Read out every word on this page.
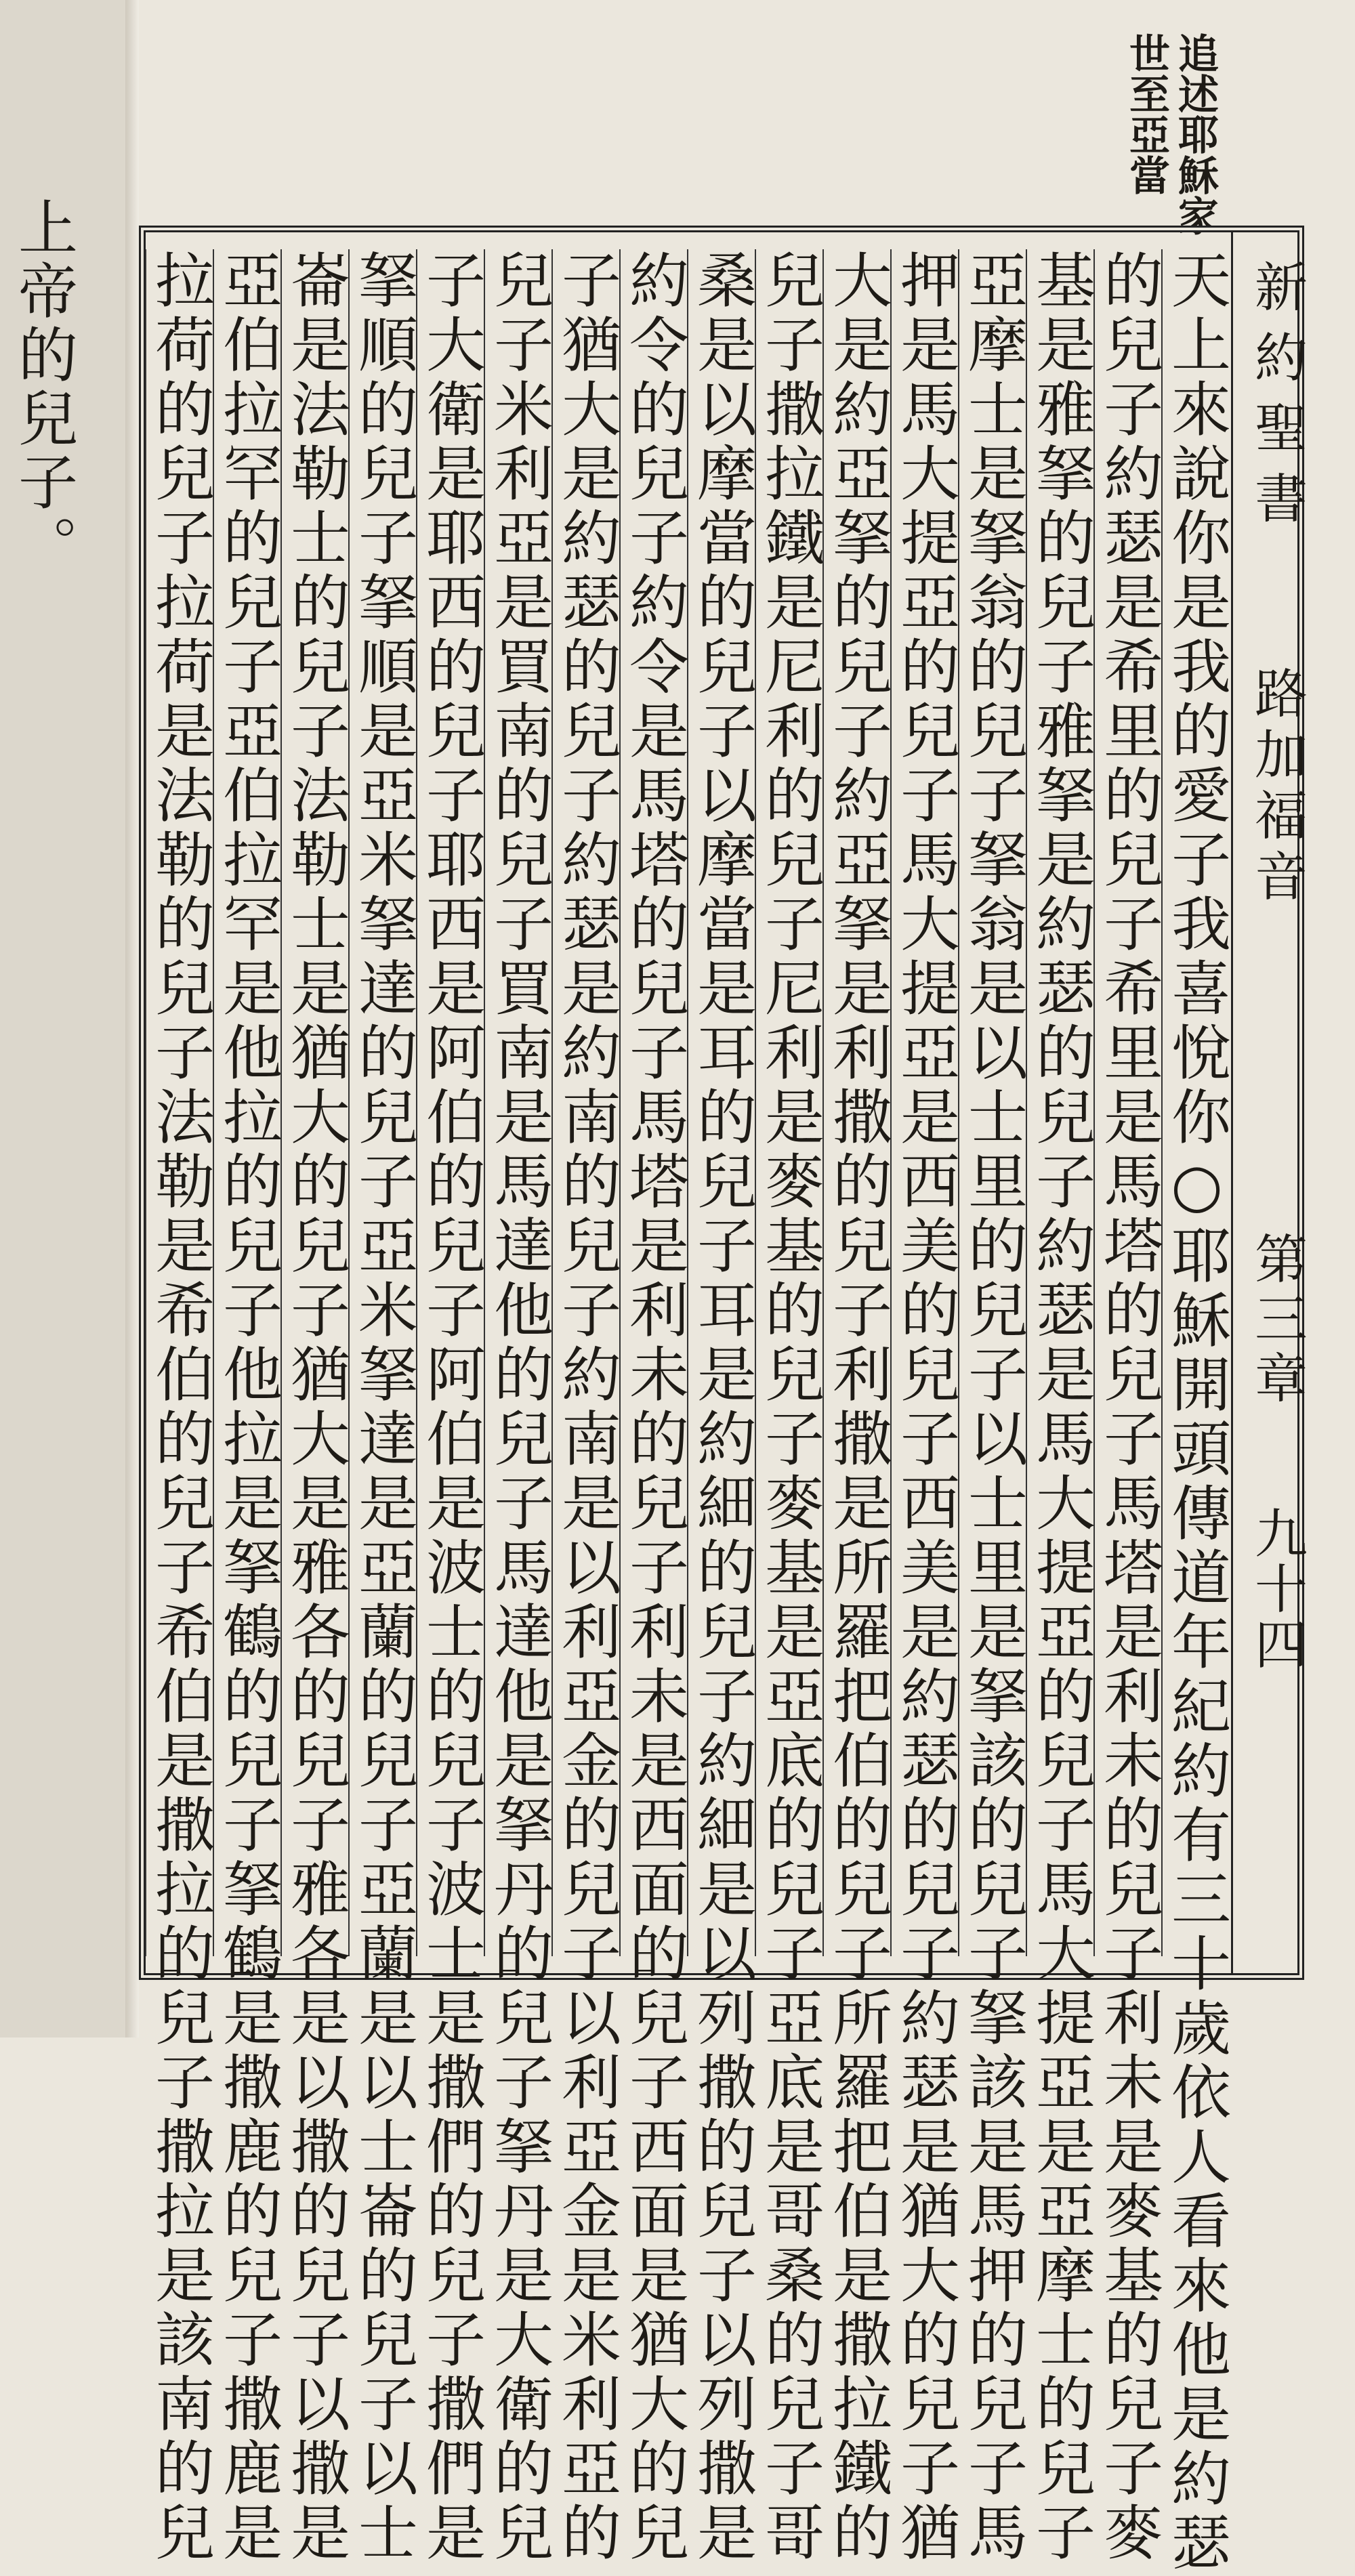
上帝的兒子。
追述耶穌家
世至亞當
新約聖書
路加福音
第三章
九十四
天上來說你是我的愛子我喜悅你○耶穌開頭傳道年紀約有三十歲依人看來他是約瑟
的兒子約瑟是希里的兒子希里是馬塔的兒子馬塔是利未的兒子利未是麥基的兒子麥
基是雅拏的兒子雅拏是約瑟的兒子約瑟是馬大提亞的兒子馬大提亞是亞摩士的兒子
亞摩士是拏翁的兒子拏翁是以士里的兒子以士里是拏該的兒子拏該是馬押的兒子馬
押是馬大提亞的兒子馬大提亞是西美的兒子西美是約瑟的兒子約瑟是猶大的兒子猶
大是約亞拏的兒子約亞拏是利撒的兒子利撒是所羅把伯的兒子所羅把伯是撒拉鐵的
兒子撒拉鐵是尼利的兒子尼利是麥基的兒子麥基是亞底的兒子亞底是哥桑的兒子哥
桑是以摩當的兒子以摩當是耳的兒子耳是約細的兒子約細是以列撒的兒子以列撒是
約令的兒子約令是馬塔的兒子馬塔是利未的兒子利未是西面的兒子西面是猶大的兒
子猶大是約瑟的兒子約瑟是約南的兒子約南是以利亞金的兒子以利亞金是米利亞的
兒子米利亞是買南的兒子買南是馬達他的兒子馬達他是拏丹的兒子拏丹是大衛的兒
子大衛是耶西的兒子耶西是阿伯的兒子阿伯是波士的兒子波士是撒們的兒子撒們是
拏順的兒子拏順是亞米拏達的兒子亞米拏達是亞蘭的兒子亞蘭是以士崙的兒子以士
崙是法勒士的兒子法勒士是猶大的兒子猶大是雅各的兒子雅各是以撒的兒子以撒是
亞伯拉罕的兒子亞伯拉罕是他拉的兒子他拉是拏鶴的兒子拏鶴是撒鹿的兒子撒鹿是
拉荷的兒子拉荷是法勒的兒子法勒是希伯的兒子希伯是撒拉的兒子撒拉是該南的兒
